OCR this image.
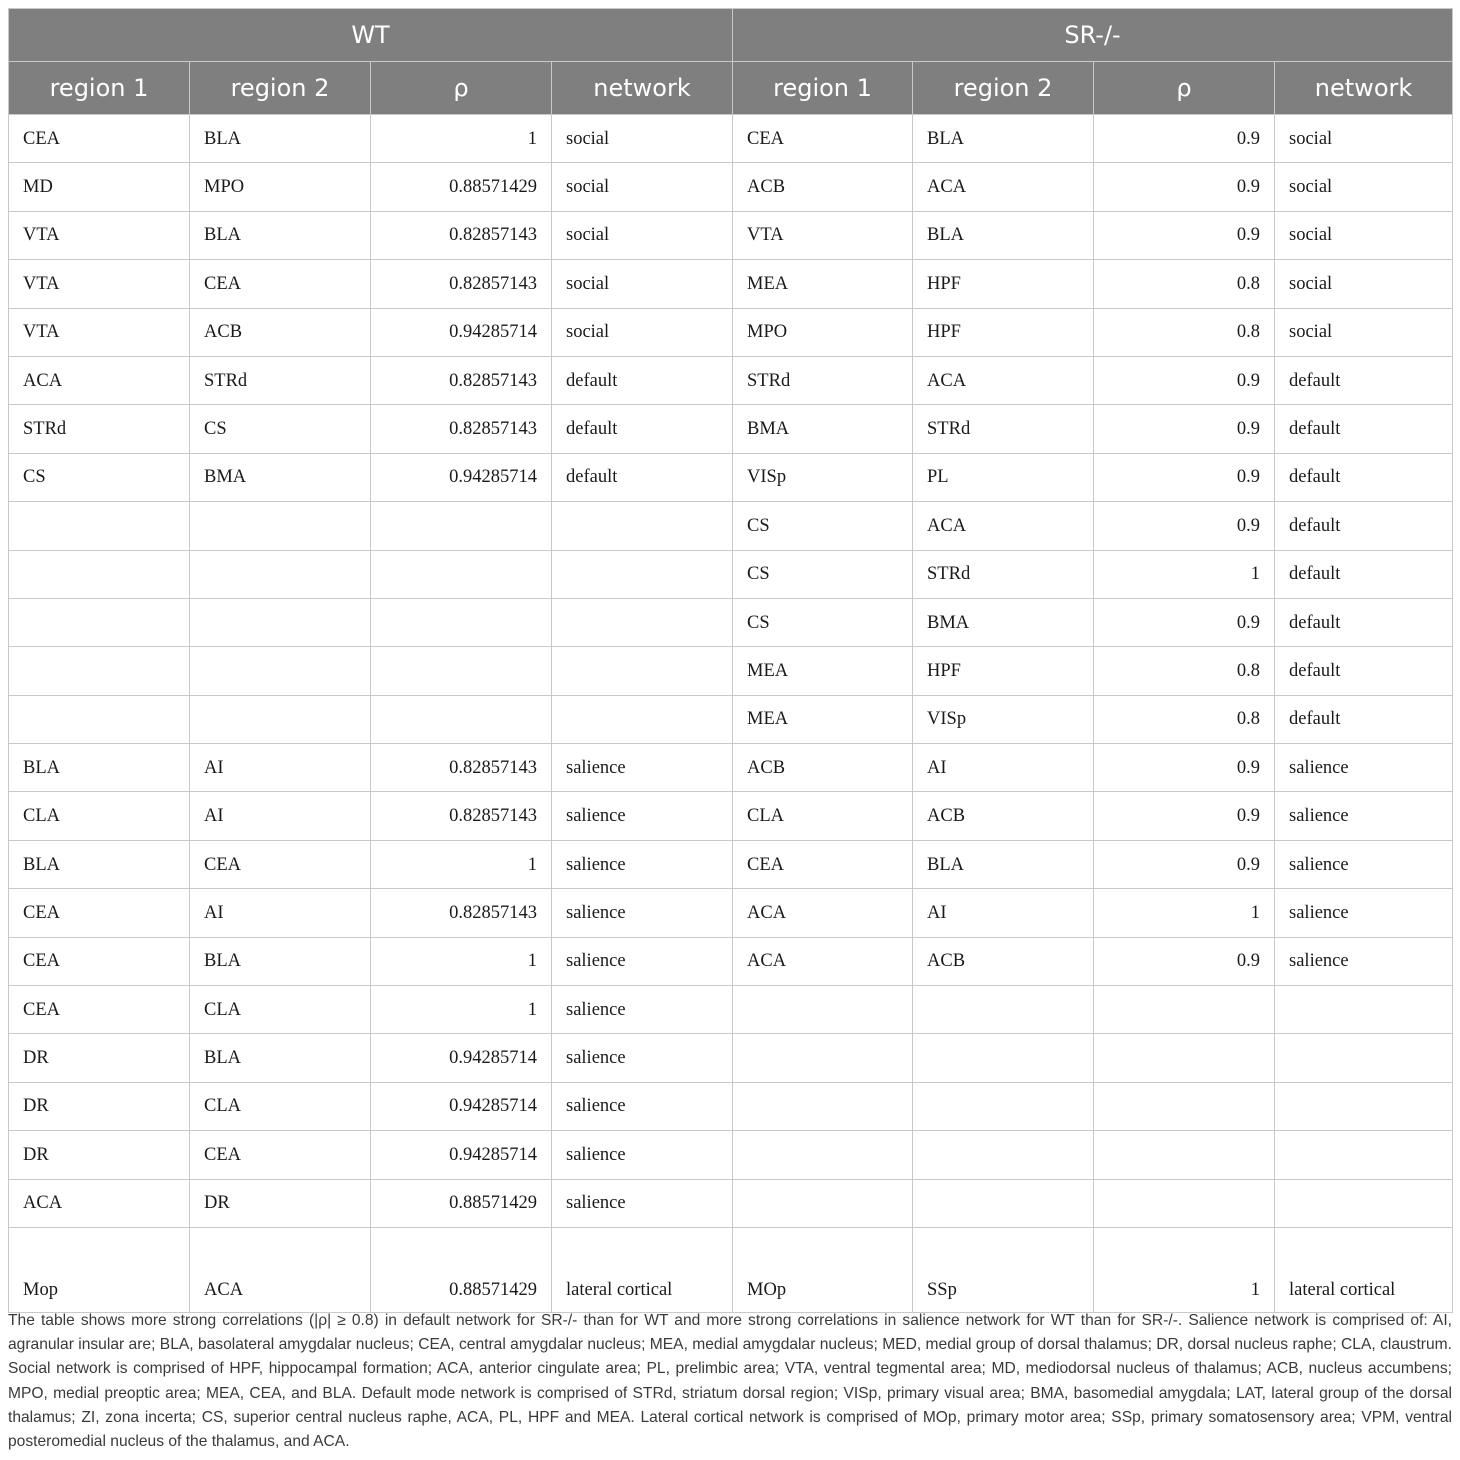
WT				SR-/-			
region 1	region 2	ρ	network	region 1	region 2	ρ	network
CEA	BLA	1	social	CEA	BLA	0.9	social
MD	MPO	0.88571429	social	ACB	ACA	0.9	social
VTA	BLA	0.82857143	social	VTA	BLA	0.9	social
VTA	CEA	0.82857143	social	MEA	HPF	0.8	social
VTA	ACB	0.94285714	social	MPO	HPF	0.8	social
ACA	STRd	0.82857143	default	STRd	ACA	0.9	default
STRd	CS	0.82857143	default	BMA	STRd	0.9	default
CS	BMA	0.94285714	default	VISp	PL	0.9	default
				CS	ACA	0.9	default
				CS	STRd	1	default
				CS	BMA	0.9	default
				MEA	HPF	0.8	default
				MEA	VISp	0.8	default
BLA	AI	0.82857143	salience	ACB	AI	0.9	salience
CLA	AI	0.82857143	salience	CLA	ACB	0.9	salience
BLA	CEA	1	salience	CEA	BLA	0.9	salience
CEA	AI	0.82857143	salience	ACA	AI	1	salience
CEA	BLA	1	salience	ACA	ACB	0.9	salience
CEA	CLA	1	salience				
DR	BLA	0.94285714	salience				
DR	CLA	0.94285714	salience				
DR	CEA	0.94285714	salience				
ACA	DR	0.88571429	salience				
Mop	ACA	0.88571429	lateral cortical	MOp	SSp	1	lateral cortical
The table shows more strong correlations (|ρ| ≥ 0.8) in default network for SR-/- than for WT and more strong correlations in salience network for WT than for SR-/-. Salience network is comprised of: AI, agranular insular are; BLA, basolateral amygdalar nucleus; CEA, central amygdalar nucleus; MEA, medial amygdalar nucleus; MED, medial group of dorsal thalamus; DR, dorsal nucleus raphe; CLA, claustrum. Social network is comprised of HPF, hippocampal formation; ACA, anterior cingulate area; PL, prelimbic area; VTA, ventral tegmental area; MD, mediodorsal nucleus of thalamus; ACB, nucleus accumbens; MPO, medial preoptic area; MEA, CEA, and BLA. Default mode network is comprised of STRd, striatum dorsal region; VISp, primary visual area; BMA, basomedial amygdala; LAT, lateral group of the dorsal thalamus; ZI, zona incerta; CS, superior central nucleus raphe, ACA, PL, HPF and MEA. Lateral cortical network is comprised of MOp, primary motor area; SSp, primary somatosensory area; VPM, ventral posteromedial nucleus of the thalamus, and ACA.
